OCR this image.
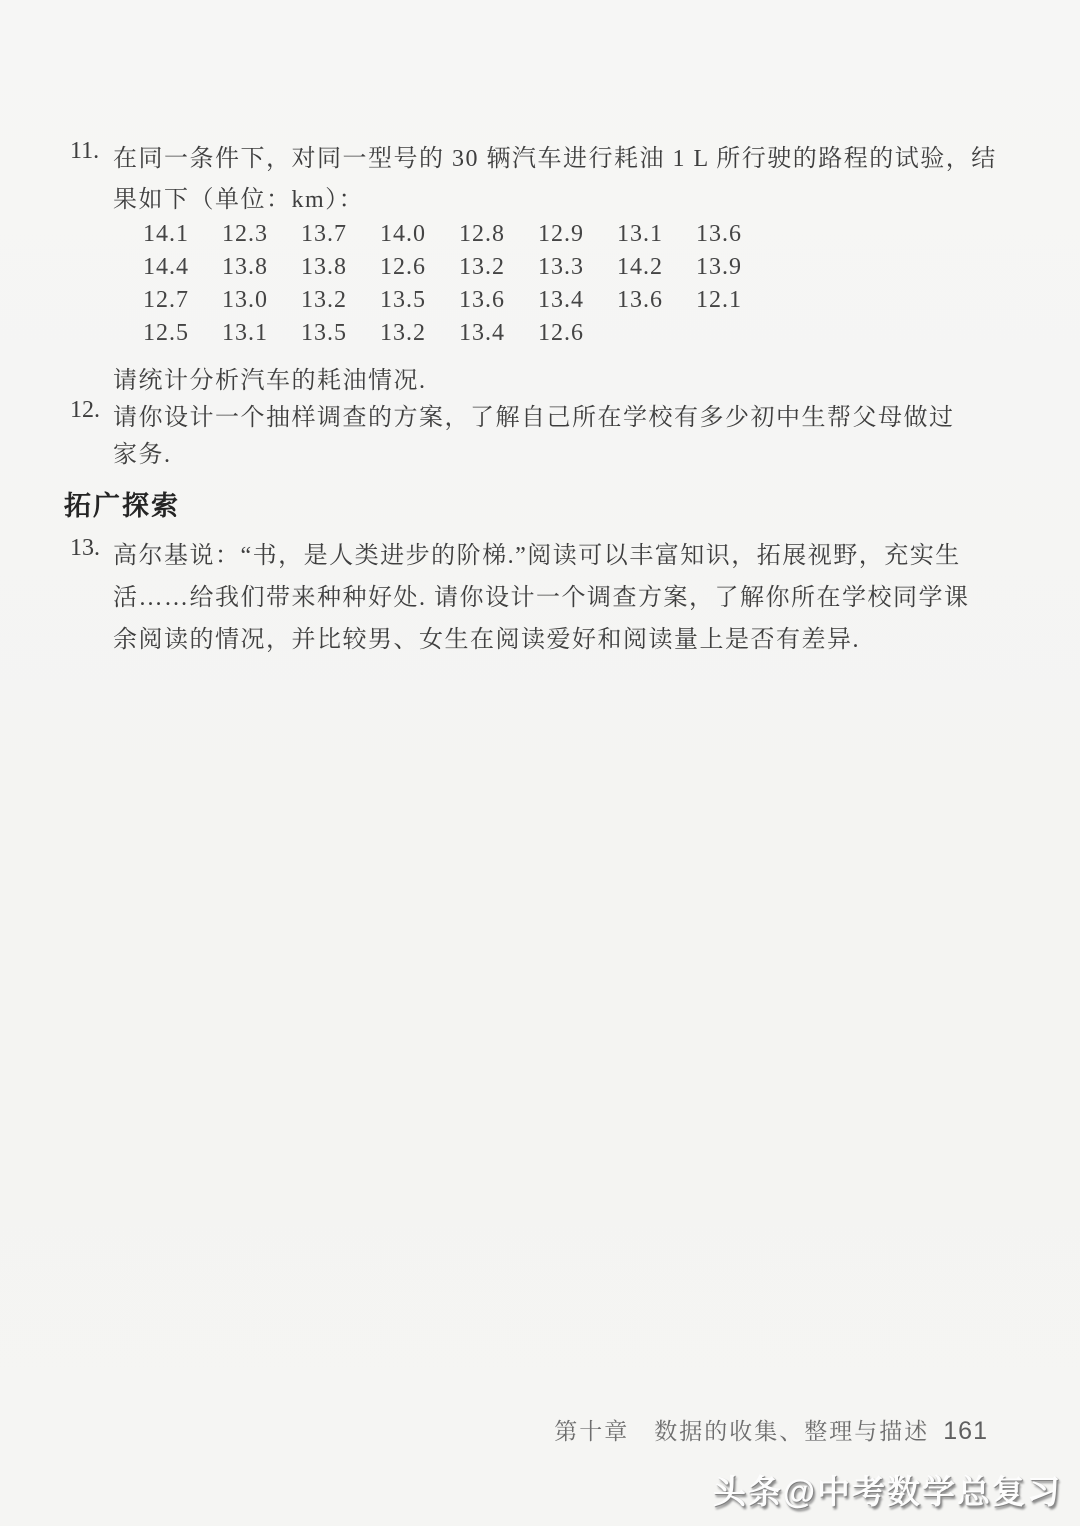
11. 在同一条件下，对同一型号的 30 辆汽车进行耗油 1 L 所行驶的路程的试验，结
果如下（单位：km）：
14.1 12.3 13.7 14.0 12.8 12.9 13.1 13.6
14.4 13.8 13.8 12.6 13.2 13.3 14.2 13.9
12.7 13.0 13.2 13.5 13.6 13.4 13.6 12.1
12.5 13.1 13.5 13.2 13.4 12.6
请统计分析汽车的耗油情况.
12. 请你设计一个抽样调查的方案，了解自己所在学校有多少初中生帮父母做过
家务.
拓广探索
13. 高尔基说：“书，是人类进步的阶梯.”阅读可以丰富知识，拓展视野，充实生
活……给我们带来种种好处. 请你设计一个调查方案，了解你所在学校同学课
余阅读的情况，并比较男、女生在阅读爱好和阅读量上是否有差异.
第十章　数据的收集、整理与描述 161
头条@中考数学总复习
